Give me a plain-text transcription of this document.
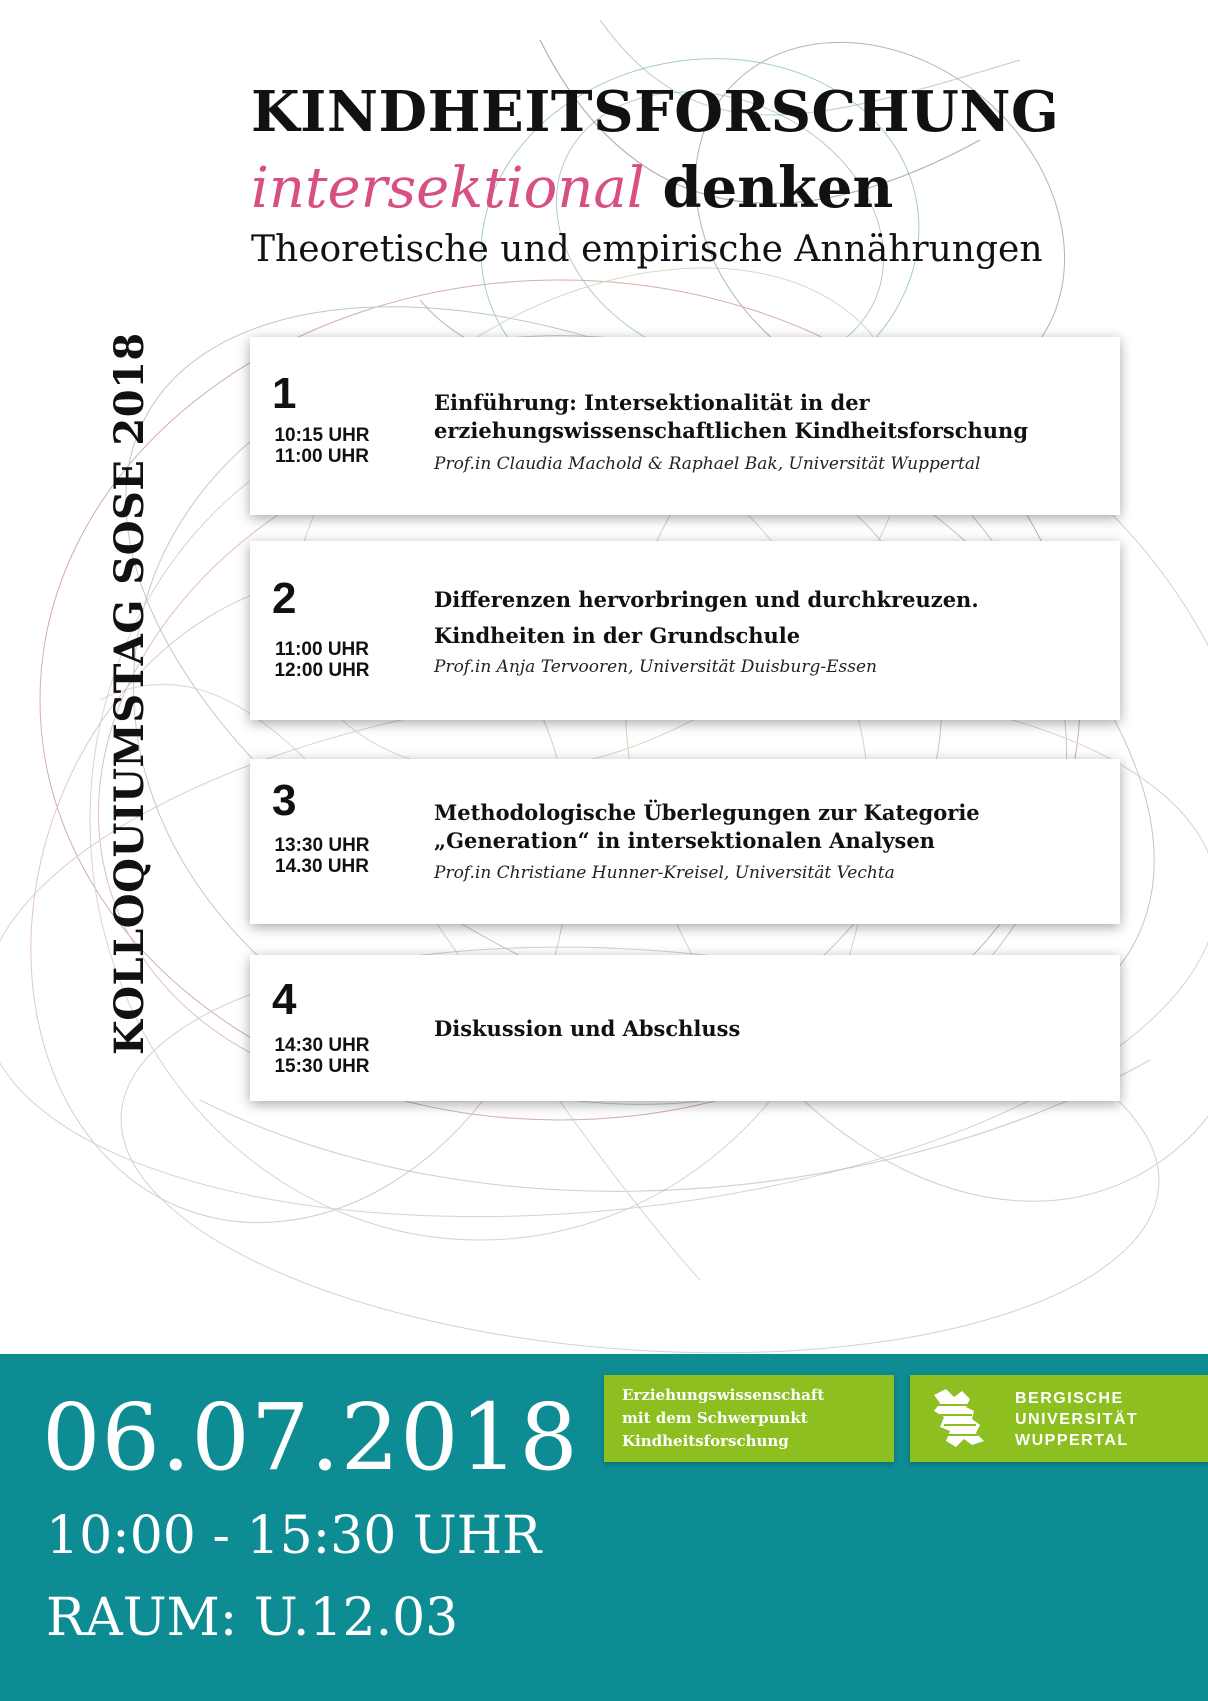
KINDHEITSFORSCHUNG
intersektional denken
Theoretische und empirische Annährungen
KOLLOQUIUMSTAG SOSE2018	1
10:15 UHR
11:00 UHR
Einführung: Intersektionalität in der
erziehungswissenschaftlichen Kindheitsforschung
Prof.in Claudia Machold & Raphael Bak, Universität Wuppertal
2
11:00 UHR
12:00 UHR
Differenzen hervorbringen und durchkreuzen.
Kindheiten in der Grundschule
Prof.in Anja Tervooren, Universität Duisburg-Essen
3
13:30 UHR
14.30 UHR
Methodologische Überlegungen zur Kategorie
„Generation“ in intersektionalen Analysen
Prof.in Christiane Hunner-Kreisel, Universität Vechta
4
14:30 UHR
15:30 UHR
Diskussion und Abschluss
06.07.2018
10:00 - 15:30 UHR
RAUM: U.12.03
Erziehungswissenschaft
mit dem Schwerpunkt
Kindheitsforschung
BERGISCHE
UNIVERSITÄT
WUPPERTAL
